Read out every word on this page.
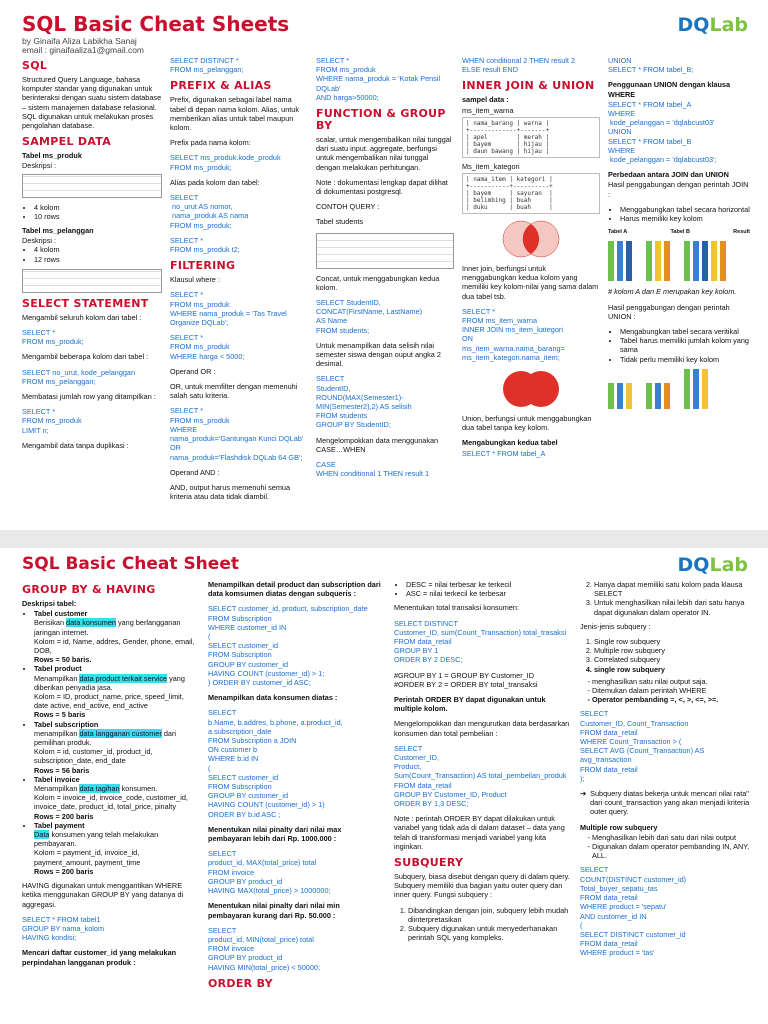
SQL Basic Cheat Sheets
by Ginaifa Aliza Labikha Sanaj
email : ginaifaaliza1@gmail.com
DQLab
SQL

Structured Query Language, bahasa komputer standar yang digunakan untuk berinteraksi dengan suatu sistem database – sistem manajemen database relasional. SQL digunakan untuk melakukan proses pengolahan database.

SAMPEL DATA
Tabel ms_produk
Deskripsi :
• 4 kolom
• 10 rows
Tabel ms_pelanggan
Deskripsi :
• 4 kolom
• 12 rows
SELECT STATEMENT

Mengambil seluruh kolom dari tabel :

SELECT *
FROM ms_produk;

Mengambil beberapa kolom dari tabel :

SELECT no_urut, kode_pelanggan
FROM ms_pelanggan;

Membatasi jumlah row yang ditampilkan :

SELECT *
FROM ms_produk
LIMIT n;

Mengambil data tanpa duplikasi :

SELECT DISTINCT *
FROM ms_pelanggan;
PREFIX & ALIAS

Prefix, digunakan sebagai label nama tabel di depan nama kolom. Alias, untuk memberikan alias untuk tabel maupun kolom.

Prefix pada nama kolom:

SELECT ms_produk.kode_produk
FROM ms_produk;

Alias pada kolom dan tabel:

SELECT
no_urut AS nomor,
nama_produk AS nama
FROM ms_produk;
SELECT *
FROM ms_produk t2;
FILTERING

Klausul where :

SELECT *
FROM ms_produk
WHERE nama_produk = 'Tas Travel Organize DQLab';
SELECT *
FROM ms_produk
WHERE harga < 5000;

Operand OR :

OR, untuk memfilter dengan memenuhi salah satu kriteria.

SELECT *
FROM ms_produk
WHERE
nama_produk='Gantungan Kunci DQLab' OR
nama_produk='Flashdisk DQLab 64 GB';

Operand AND :

AND, output harus memenuhi semua kriteria atau data tidak diambil.

SELECT *
FROM ms_produk
WHERE nama_produk = 'Kotak Pensil DQLab'
AND harga>50000;
FUNCTION & GROUP BY

scalar, untuk mengembalikan nilai tunggal dari suatu input. aggregate, berfungsi untuk mengembalikan nilai tunggal dengan melakukan perhitungan.

Note : dokumentasi lengkap dapat dilihat di dokumentasi postgresql.

CONTOH QUERY :

Tabel students

Concat, untuk menggabungkan kedua kolom.

SELECT StudentID,
CONCAT(FirstName, LastName)
AS Name
FROM students;

Untuk menampilkan data selisih nilai semester siswa dengan ouput angka 2 desimal.

SELECT
StudentID,
ROUND(MAX(Semester1)-
MIN(Semester2),2) AS selisih
FROM students
GROUP BY StudentID;

Mengelompokkan data menggunakan CASE…WHEN

CASE
WHEN conditional 1 THEN result 1
WHEN conditional 2 THEN result 2
ELSE result END
INNER JOIN & UNION
sampel data :
ms_item_warna
| nama_barang | warna |
+-------------+-------+
| apel        | merah |
| bayem       | hijau |
| daun bawang | hijau |
Ms_item_kategori
| nama_item | kategori |
+-----------+----------+
| bayem     | sayuran  |
| belimbing | buah     |
| duku      | buah     |

Inner join, berfungsi untuk menggabungkan kedua kolom yang memiliki key kolom-nilai yang sama dalam dua tabel tsb.

SELECT *
FROM ms_item_warna
INNER JOIN ms_item_kategori
ON
ms_item_warna.nama_barang=
ms_item_kategori.nama_item;

Union, berfungsi untuk menggabungkan dua tabel tanpa key kolom.

Mengabungkan kedua tabel
SELECT * FROM tabel_A
UNION
SELECT * FROM tabel_B;
Penggunaan UNION dengan klausa WHERE
SELECT * FROM tabel_A
WHERE
kode_pelanggan = 'dqlabcust03'
UNION
SELECT * FROM tabel_B
WHERE
kode_pelanggan = 'dqlabcust03';
Perbedaan antara JOIN dan UNION

Hasil penggabungan dengan perintah JOIN :

• Menggabungkan tabel secara horizontal
• Harus memiliki key kolom
Tabel A	Tabel B	Result

# kolom A dan E merupakan key kolom.

Hasil penggabungan dengan perintah UNION :

• Mengabungkan tabel secara veritikal
• Tabel harus memiliki jumlah kolom yang sama
• Tidak perlu memiliki key kolom
SQL Basic Cheat Sheet	DQLab
GROUP BY & HAVING
Deskripsi tabel:
• Tabel customer
Berisikan data konsumen yang berlangganan jaringan internet.
Kolom = id, Name, addres, Gender, phone, email, DOB,
Rows = 50 baris.
• Tabel product
Menampilkan data product terkait service yang diberikan penyadia jasa.
Kolom = ID, product_name, price, speed_limit, date active, end_active, end_active
Rows = 5 baris
• Tabel subscription
menampilkan data langganan customer dari pemilihan produk.
Kolom = id, customer_id, product_id, subscription_date, end_date
Rows = 56 baris
• Tabel invoice
Menampilkan data tagihan konsumen.
Kolom = invoice_id, invoice_code, customer_id, invoice_date, product_id, total_price, pinalty
Rows = 200 baris
• Tabel payment
Data konsumen yang telah melakukan pembayaran.
Kolom = payment_id, invoice_id, payment_amount, payment_time
Rows = 200 baris

HAVING digunakan untuk menggantikan WHERE ketika menggunakan GROUP BY yang datanya di aggregasi.

SELECT * FROM tabel1
GROUP BY nama_kolom
HAVING kondisi;

Mencari daftar customer_id yang melakukan perpindahan langganan produk :

Menampilkan detail product dan subscription dari data komsumen diatas dengan subqueris :

SELECT customer_id, product, subscription_date
FROM Subscription
WHERE customer_id IN
(
SELECT customer_id
FROM Subscription
GROUP BY customer_id
HAVING COUNT (customer_id) > 1;
) ORDER BY customer_id ASC;

Menampilkan data konsumen diatas :

SELECT
b.Name, b.addres, b.phone, a.product_id, a.subscription_date
FROM Subscription a JOIN
ON customer b
WHERE b.id IN
(
SELECT customer_id
FROM Subscription
GROUP BY customer_id
HAVING COUNT (customer_id) > 1)
ORDER BY b.id ASC ;

Menentukan nilai pinalty dari nilai max pembayaran lebih dari Rp. 1000.000 :

SELECT
product_id, MAX(total_price) total
FROM invoice
GROUP BY product_id
HAVING MAX(total_price) > 1000000;

Menentukan nilai pinalty dari nilai min pembayaran kurang dari Rp. 50.000 :

SELECT
product_id, MIN(total_price) total
FROM invoice
GROUP BY product_id
HAVING MIN(total_price) < 50000;
ORDER BY
• DESC = nilai terbesar ke terkecil
• ASC = nilai terkecil ke terbesar

Menentukan total transaksi konsumen:

SELECT DISTINCT
Customer_ID, sum(Count_Transaction) total_trasaksi
FROM data_retail
GROUP BY 1
ORDER BY 2 DESC;
#GROUP BY 1 = GROUP BY Customer_ID
#ORDER BY 2 = ORDER BY total_transaksi

Perintah ORDER BY dapat digunakan untuk multiple kolom.

Mengelompokkan dan mengurutkan data berdasarkan konsumen dan total pembelian :

SELECT
Customer_ID,
Product,
Sum(Count_Transaction) AS total_pembelian_produk
FROM data_retail
GROUP BY Customer_ID, Product
ORDER BY 1,3 DESC;

Note : perintah ORDER BY dapat dilakukan untuk variabel yang tidak ada di dalam dataset – data yang telah di transformasi menjadi variabel yang kita inginkan.

SUBQUERY

Subquery, biasa disebut dengan query di dalam query. Subquery memiliki dua bagian yaitu outer query dan inner query. Fungsi subquery :

1. Dibandingkan dengan join, subquery lebih mudah diinterpretasikan
2. Subquery digunakan untuk menyederhanakan perintah SQL yang kompleks.
2. Hanya dapat memiliki satu kolom pada klausa SELECT
3. Untuk menghasilkan nilai lebih dari satu hanya dapat digunakan dalam operator IN.

Jenis-jenis subquery :

1. Single row subquery
2. Multiple row subquery
3. Correlated subquery
4. single row subquery
- menghasilkan satu nilai output saja.
- Ditemukan dalam perintah WHERE
- Operator pembanding =, <, >, <=, >=.
SELECT
Customer_ID, Count_Transaction
FROM data_retail
WHERE Count_Transaction > (
SELECT AVG (Count_Transaction) AS avg_transaction
FROM data_retail
);
➔ Subquery diatas bekerja untuk mencari nilai rata" dari count_transaction yang akan menjadi kriteria outer query.
Multiple row subquery
- Menghasilkan lebih dari satu dari nilai output
- Digunakan dalam operator pembanding IN, ANY, ALL.
SELECT
COUNT(DISTINCT customer_id)
Total_buyer_sepatu_tas
FROM data_retail
WHERE product = 'sepatu'
AND customer_id IN
(
SELECT DISTINCT customer_id
FROM data_retail
WHERE product = 'tas'
